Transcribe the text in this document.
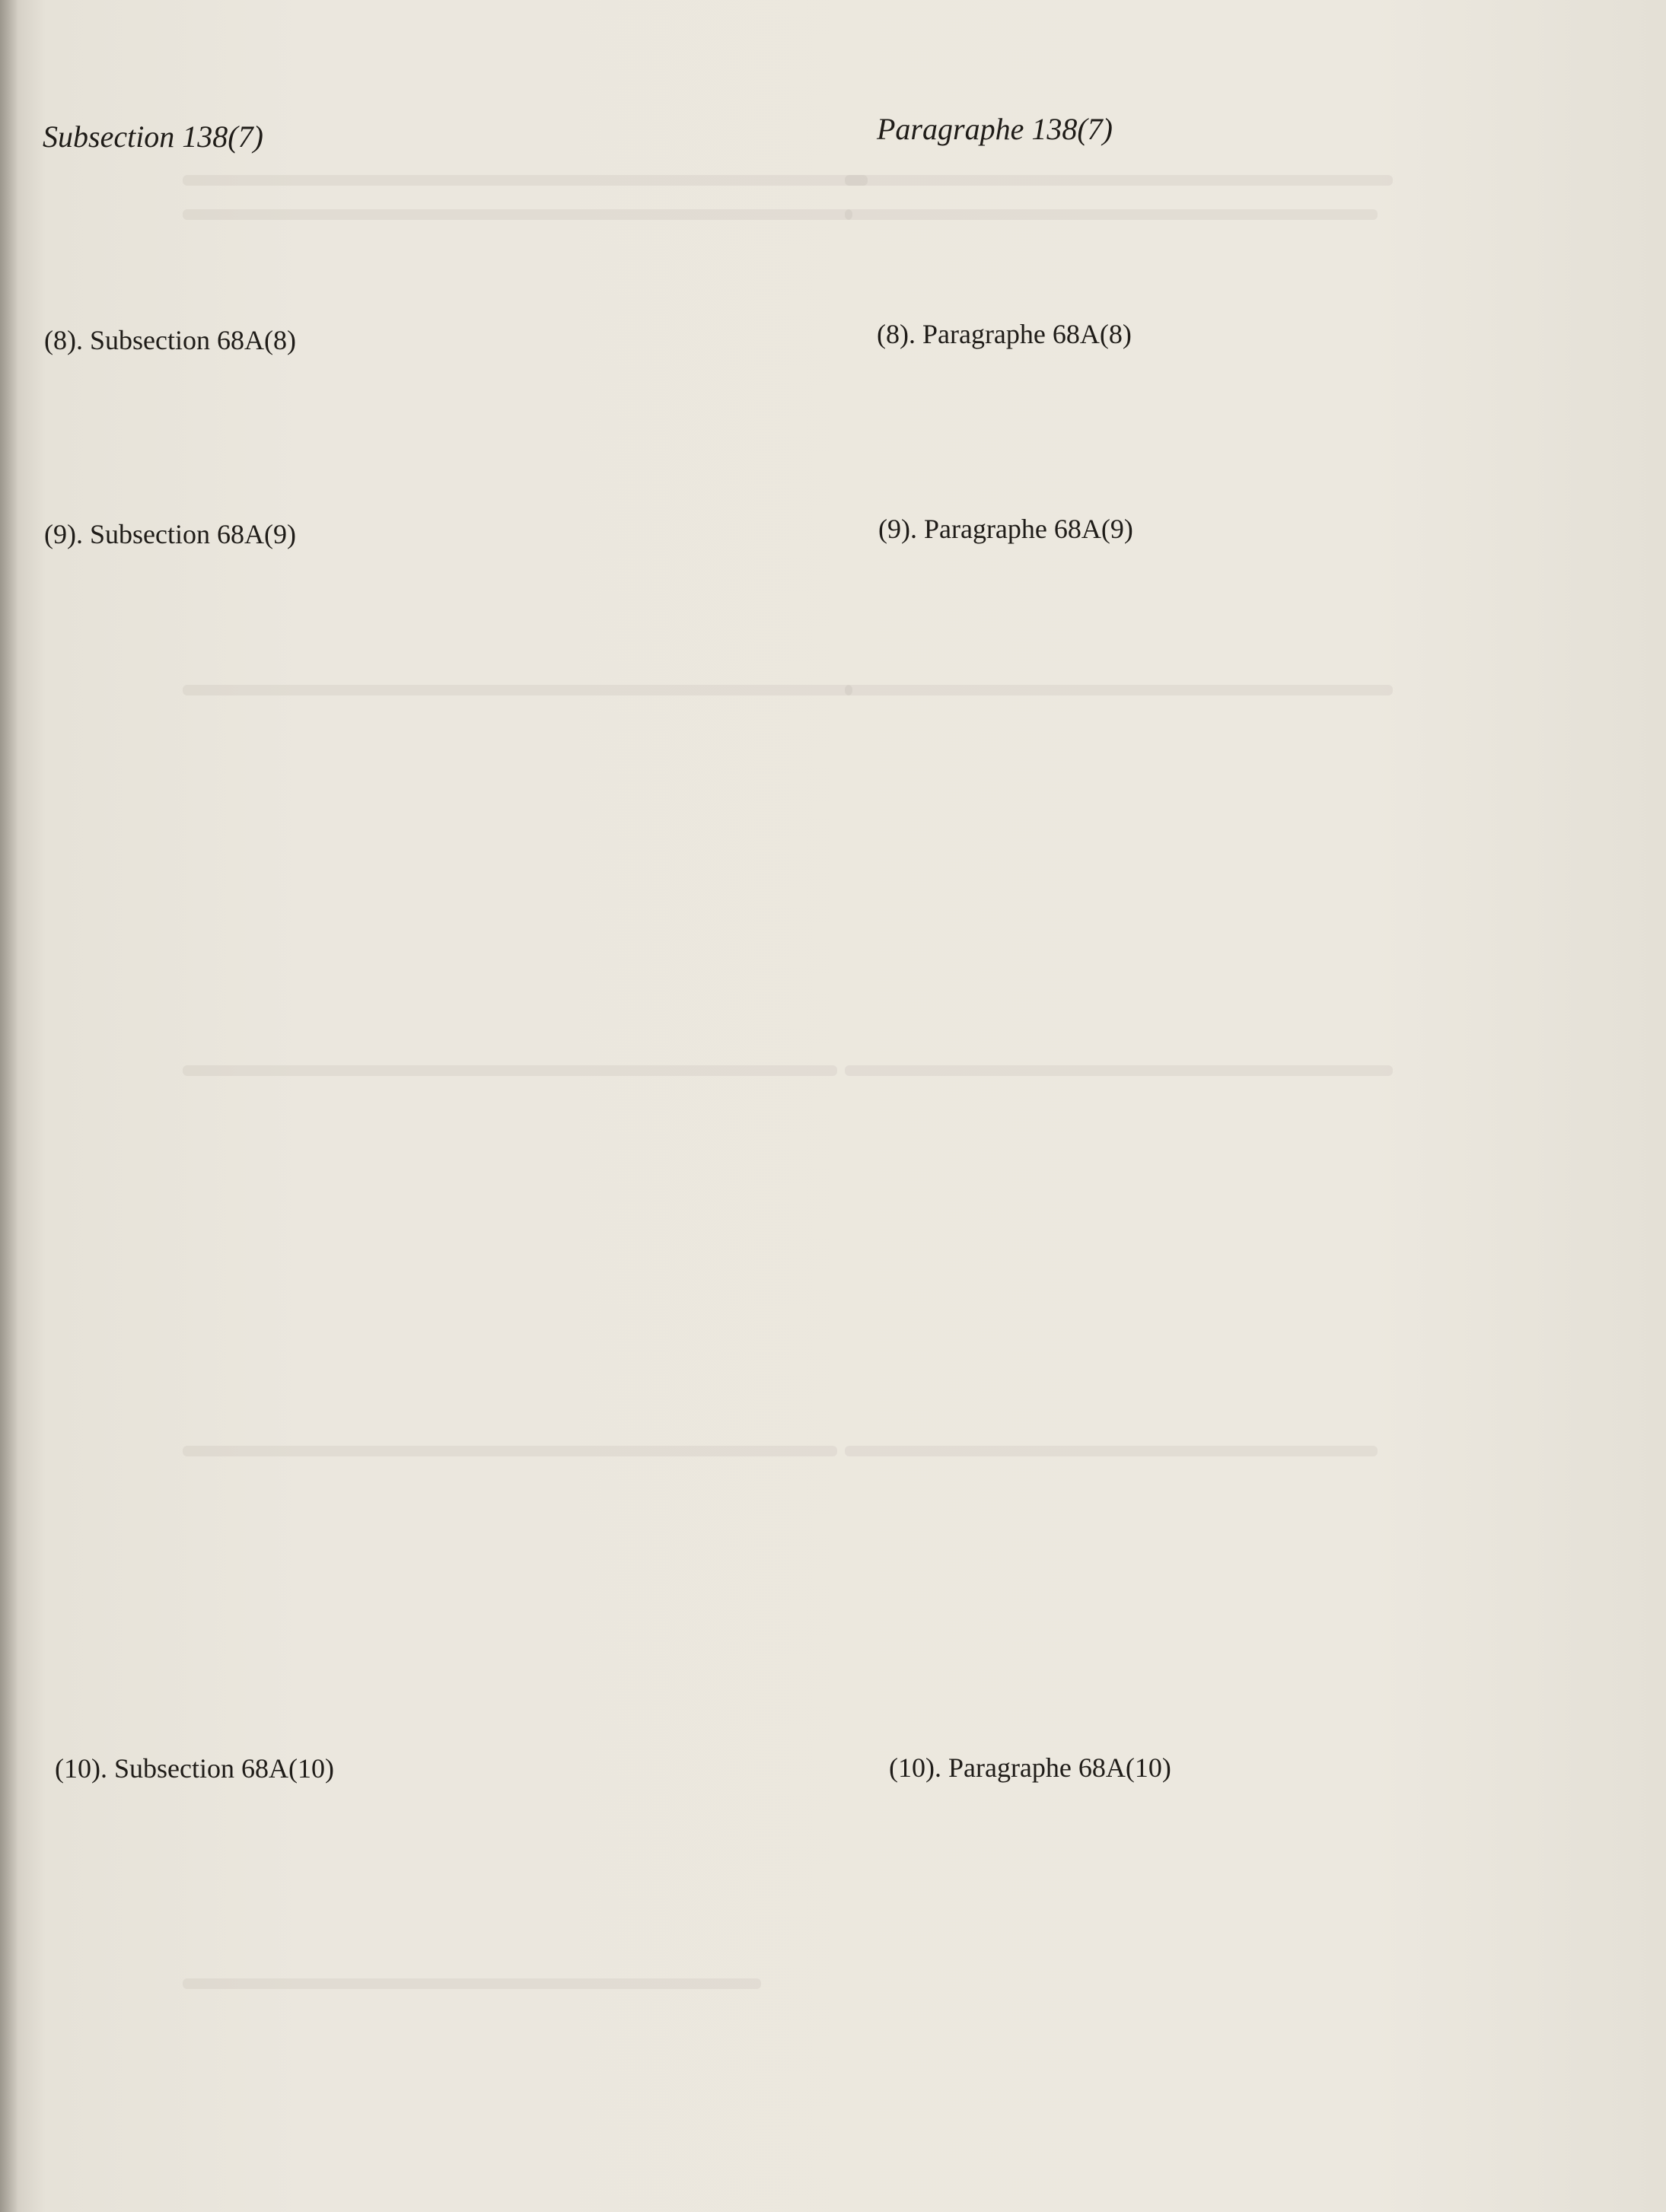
Subsection 138(7)	Paragraphe 138(7)
(8). Subsection 68A(8)	(8). Paragraphe 68A(8)
(9). Subsection 68A(9)	(9). Paragraphe 68A(9)
(10). Subsection 68A(10)	(10). Paragraphe 68A(10)
